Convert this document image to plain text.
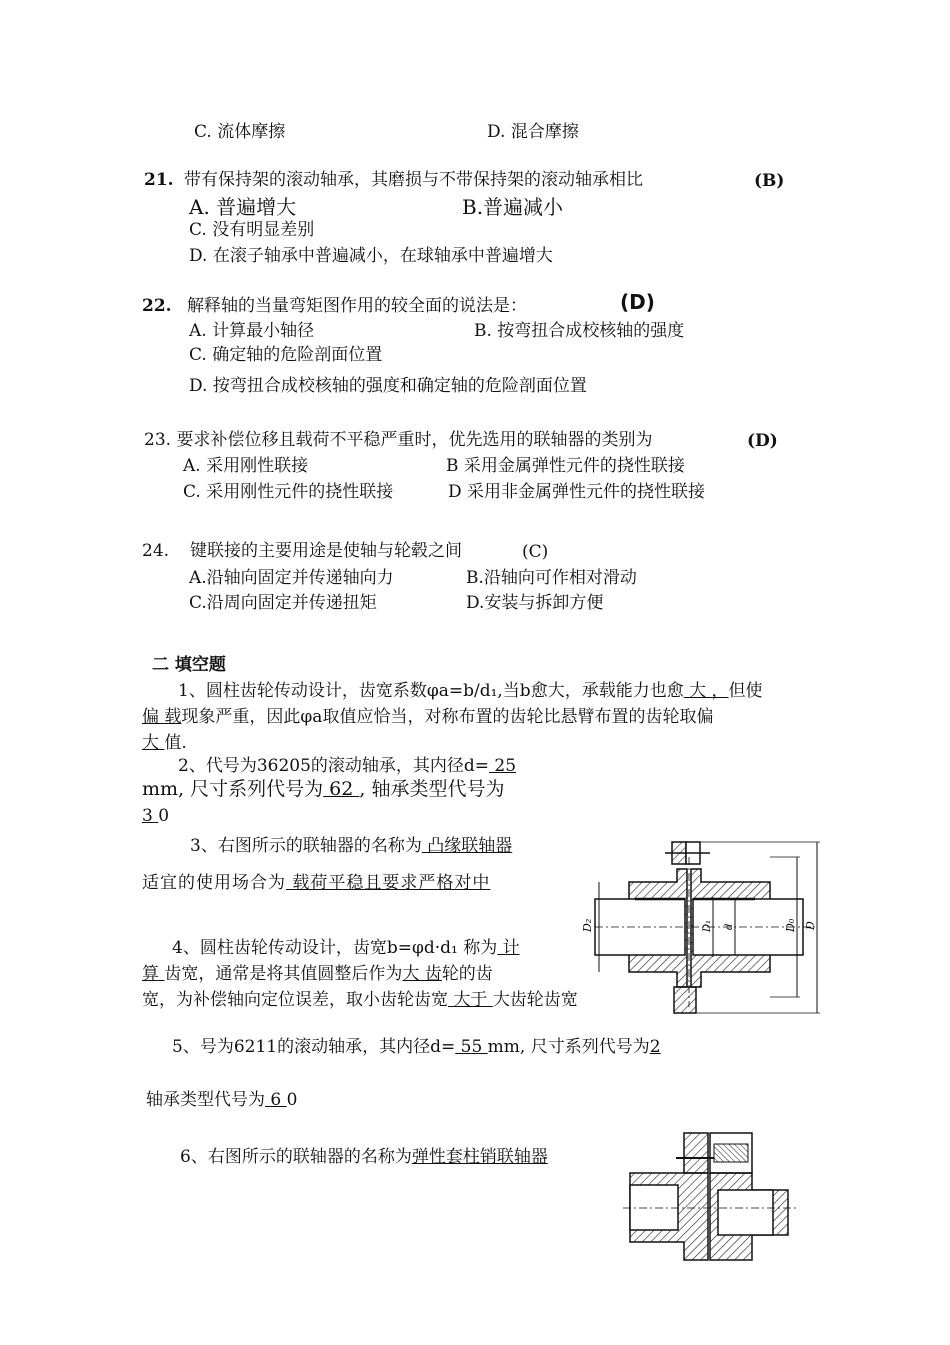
C. 流体摩擦	D. 混合摩擦
21. 带有保持架的滚动轴承，其磨损与不带保持架的滚动轴承相比	(B)
A. 普遍增大	B.普遍减小
C. 没有明显差别
D. 在滚子轴承中普遍减小，在球轴承中普遍增大
22. 解释轴的当量弯矩图作用的较全面的说法是：	(D)
A. 计算最小轴径	B. 按弯扭合成校核轴的强度
C. 确定轴的危险剖面位置
D. 按弯扭合成校核轴的强度和确定轴的危险剖面位置
23. 要求补偿位移且载荷不平稳严重时，优先选用的联轴器的类别为	(D)
A. 采用刚性联接	B 采用金属弹性元件的挠性联接
C. 采用刚性元件的挠性联接	D 采用非金属弹性元件的挠性联接
24. 键联接的主要用途是使轴与轮毂之间	(C)
A.沿轴向固定并传递轴向力	B.沿轴向可作相对滑动
C.沿周向固定并传递扭矩	D.安装与拆卸方便
二 填空题
1、圆柱齿轮传动设计，齿宽系数φa=b/d₁,当b愈大，承载能力也愈 大 ，但使
偏 载现象严重，因此φa取值应恰当，对称布置的齿轮比悬臂布置的齿轮取偏
大 值.
2、代号为36205的滚动轴承，其内径d= 25
mm, 尺寸系列代号为 62 , 轴承类型代号为
3 0
3、右图所示的联轴器的名称为 凸缘联轴器
适宜的使用场合为 载荷平稳且要求严格对中
4、圆柱齿轮传动设计，齿宽b=φd·d₁ 称为 计
算 齿宽，通常是将其值圆整后作为大 齿轮的齿
宽，为补偿轴向定位误差，取小齿轮齿宽 大于 大齿轮齿宽
5、号为6211的滚动轴承，其内径d= 55 mm, 尺寸系列代号为2
轴承类型代号为 6 0
6、右图所示的联轴器的名称为弹性套柱销联轴器
D₂	D₁ d	D₀ D
